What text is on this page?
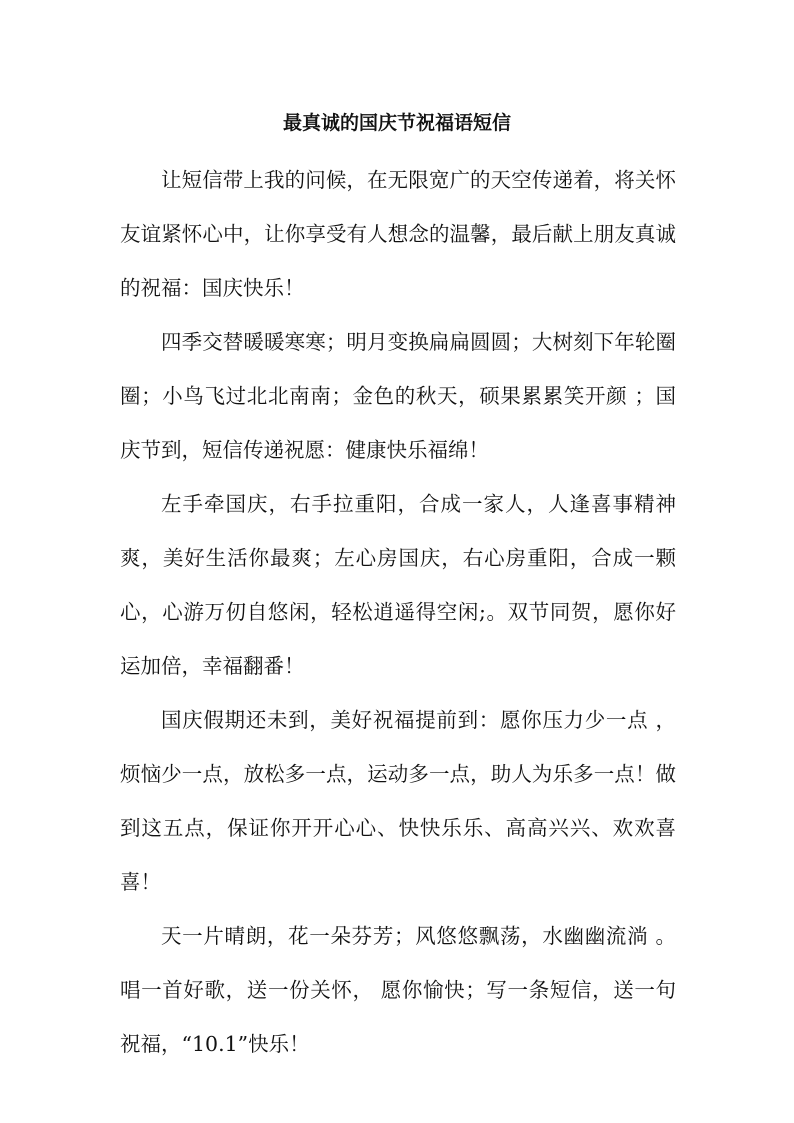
最真诚的国庆节祝福语短信

让短信带上我的问候，在无限宽广的天空传递着，将关怀友谊紧怀心中，让你享受有人想念的温馨，最后献上朋友真诚的祝福：国庆快乐！

四季交替暖暖寒寒；明月变换扁扁圆圆；大树刻下年轮圈圈；小鸟飞过北北南南；金色的秋天，硕果累累笑开颜 ；国庆节到，短信传递祝愿：健康快乐福绵！

左手牵国庆，右手拉重阳，合成一家人，人逢喜事精神爽，美好生活你最爽；左心房国庆，右心房重阳，合成一颗心，心游万仞自悠闲，轻松逍遥得空闲;。双节同贺，愿你好运加倍，幸福翻番！

国庆假期还未到，美好祝福提前到：愿你压力少一点 ，烦恼少一点，放松多一点，运动多一点，助人为乐多一点！做到这五点，保证你开开心心、快快乐乐、高高兴兴、欢欢喜喜！

天一片晴朗，花一朵芬芳；风悠悠飘荡，水幽幽流淌 。唱一首好歌，送一份关怀， 愿你愉快；写一条短信，送一句祝福，“10.1”快乐！
